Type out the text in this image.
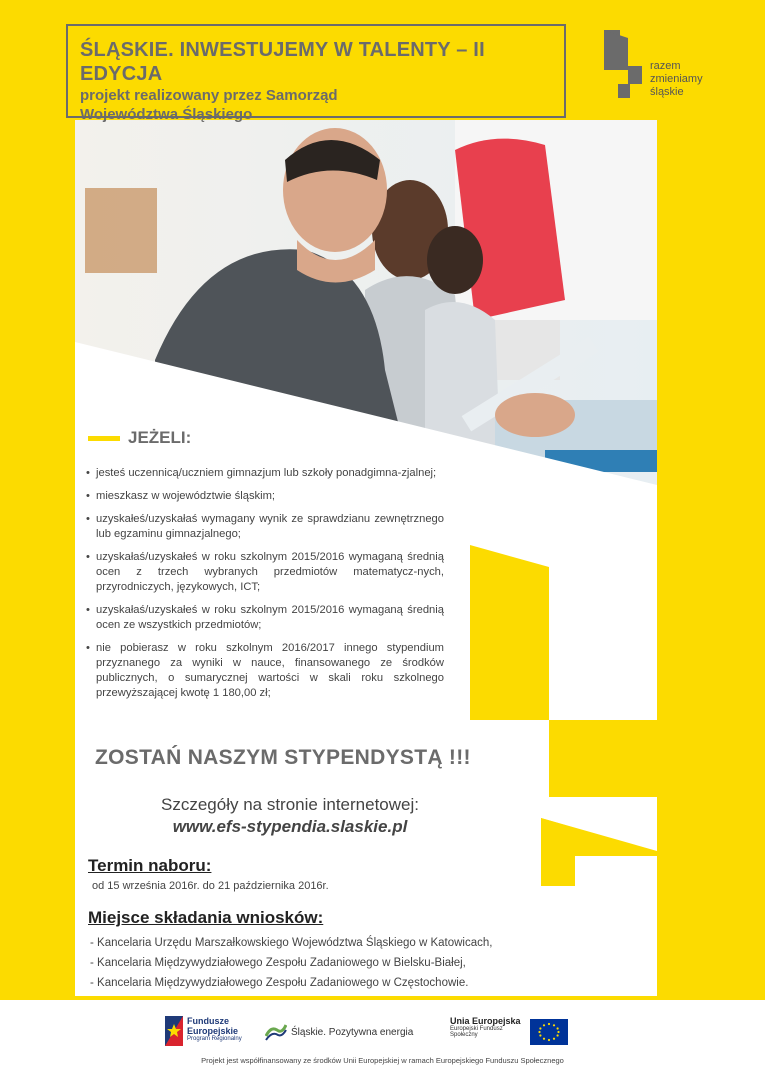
ŚLĄSKIE. INWESTUJEMY W TALENTY – II EDYCJA

projekt realizowany przez Samorząd

Województwa Śląskiego

razem
zmieniamy
śląskie
JEŻELI:
• jesteś uczennicą/uczniem gimnazjum lub szkoły ponadgimna-zjalnej;
• mieszkasz w województwie śląskim;
• uzyskałeś/uzyskałaś wymagany wynik ze sprawdzianu zewnętrznego lub egzaminu gimnazjalnego;
• uzyskałaś/uzyskałeś w roku szkolnym 2015/2016 wymaganą średnią ocen z trzech wybranych przedmiotów matematycz-nych, przyrodniczych, językowych, ICT;
• uzyskałaś/uzyskałeś w roku szkolnym 2015/2016 wymaganą średnią ocen ze wszystkich przedmiotów;
• nie pobierasz w roku szkolnym 2016/2017 innego stypendium przyznanego za wyniki w nauce, finansowanego ze środków publicznych, o sumarycznej wartości w skali roku szkolnego przewyższającej kwotę 1 180,00 zł;
ZOSTAŃ NASZYM STYPENDYSTĄ !!!
Szczegóły na stronie internetowej:
www.efs-stypendia.slaskie.pl
Termin naboru:
od 15 września 2016r. do 21 października 2016r.
Miejsce składania wniosków:
- Kancelaria Urzędu Marszałkowskiego Województwa Śląskiego w Katowicach,
- Kancelaria Międzywydziałowego Zespołu Zadaniowego w Bielsku-Białej,
- Kancelaria Międzywydziałowego Zespołu Zadaniowego w Częstochowie.
Fundusze
Europejskie
Program Regionalny
Śląskie. Pozytywna energia
Unia Europejska
Europejski Fundusz Społeczny
Projekt jest współfinansowany ze środków Unii Europejskiej w ramach Europejskiego Funduszu Społecznego
